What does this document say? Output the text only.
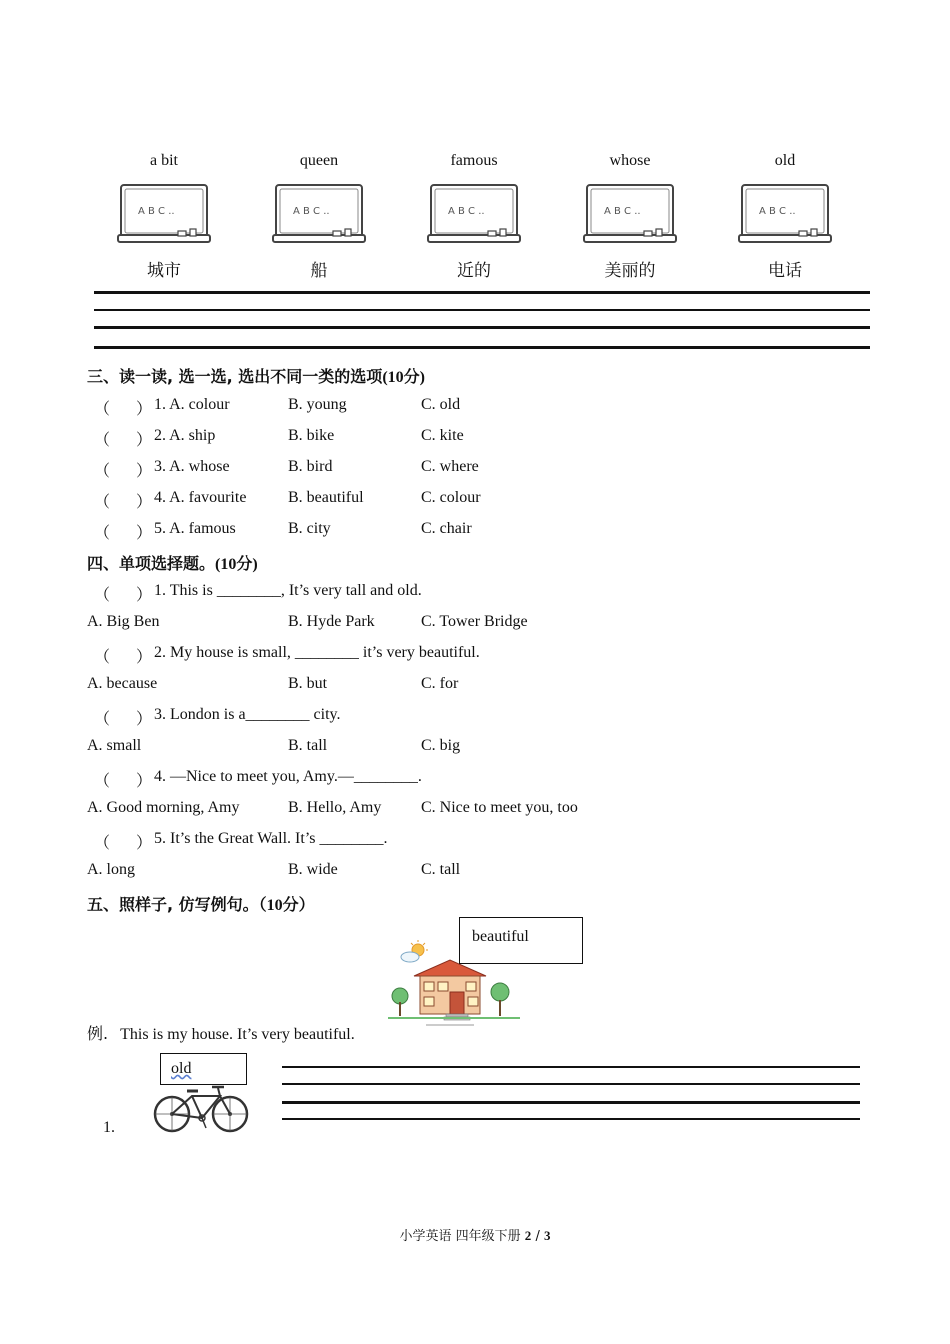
a bit	queen	famous	whose	old
A B C ..	A B C ..	A B C ..	A B C ..	A B C ..
城市	船	近的	美丽的	电话
三、读一读, 选一选, 选出不同一类的选项(10分)
（ ） 1. A. colour	B. young	C. old
（ ） 2. A. ship	B. bike	C. kite
（ ） 3. A. whose	B. bird	C. where
（ ） 4. A. favourite	B. beautiful	C. colour
（ ） 5. A. famous	B. city	C. chair
四、单项选择题。(10分)
（ ） 1. This is ________, It’s very tall and old.
A. Big Ben	B. Hyde Park	C. Tower Bridge
（ ） 2. My house is small, ________ it’s very beautiful.
A. because	B. but	C. for
（ ） 3. London is a________ city.
A. small	B. tall	C. big
（ ） 4. —Nice to meet you, Amy.—________.
A. Good morning, Amy	B. Hello, Amy C. Nice to meet you, too
（ ） 5. It’s the Great Wall. It’s ________.
A. long	B. wide	C. tall
五、照样子, 仿写例句。（10分）
beautiful
例. This is my house. It’s very beautiful.
1.
old
小学英语 四年级下册 2 / 3
